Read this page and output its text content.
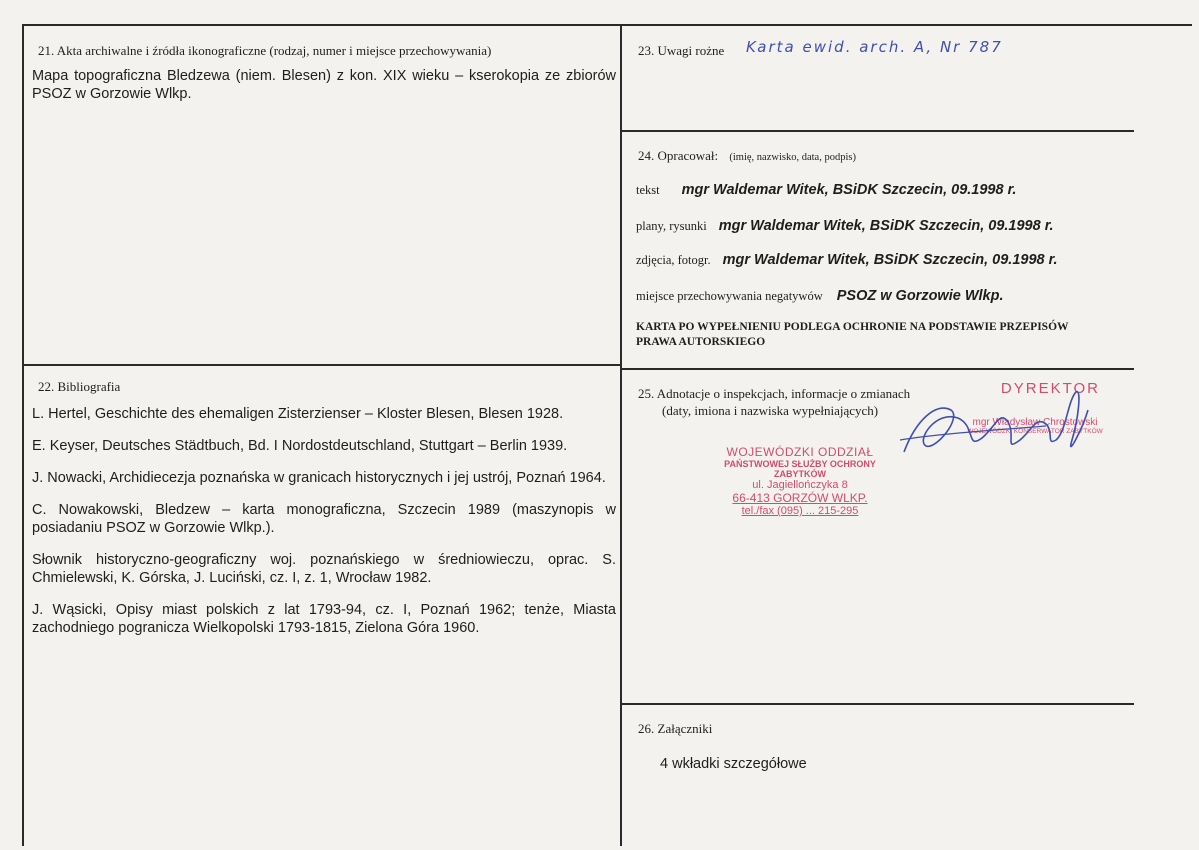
21. Akta archiwalne i źródła ikonograficzne (rodzaj, numer i miejsce przechowywania)
Mapa topograficzna Bledzewa (niem. Blesen) z kon. XIX wieku – kserokopia ze zbiorów PSOZ w Gorzowie Wlkp.
23. Uwagi rożne Karta ewid. arch. A, Nr 787
24. Opracował: (imię, nazwisko, data, podpis)
tekst mgr Waldemar Witek, BSiDK Szczecin, 09.1998 r.
plany, rysunki mgr Waldemar Witek, BSiDK Szczecin, 09.1998 r.
zdjęcia, fotogr. mgr Waldemar Witek, BSiDK Szczecin, 09.1998 r.
miejsce przechowywania negatywów PSOZ w Gorzowie Wlkp.
KARTA PO WYPEŁNIENIU PODLEGA OCHRONIE NA PODSTAWIE PRZEPISÓW
PRAWA AUTORSKIEGO
22. Bibliografia

L. Hertel, Geschichte des ehemaligen Zisterzienser – Kloster Blesen, Blesen 1928.

E. Keyser, Deutsches Städtbuch, Bd. I Nordostdeutschland, Stuttgart – Berlin 1939.

J. Nowacki, Archidiecezja poznańska w granicach historycznych i jej ustrój, Poznań 1964.

C. Nowakowski, Bledzew – karta monograficzna, Szczecin 1989 (maszynopis w posiadaniu PSOZ w Gorzowie Wlkp.).

Słownik historyczno-geograficzny woj. poznańskiego w średniowieczu, oprac. S. Chmielewski, K. Górska, J. Luciński, cz. I, z. 1, Wrocław 1982.

J. Wąsicki, Opisy miast polskich z lat 1793-94, cz. I, Poznań 1962; tenże, Miasta zachodniego pogranicza Wielkopolski 1793-1815, Zielona Góra 1960.

25. Adnotacje o inspekcjach, informacje o zmianach
(daty, imiona i nazwiska wypełniających)
WOJEWÓDZKI ODDZIAŁ
PAŃSTWOWEJ SŁUŻBY OCHRONY ZABYTKÓW
ul. Jagiellończyka 8
66-413 GORZÓW WLKP.
tel./fax (095) ... 215-295
DYREKTOR
mgr Władysław Chrostowski
WOJEWÓDZKI KONSERWATOR ZABYTKÓW
26. Załączniki
4 wkładki szczegółowe
